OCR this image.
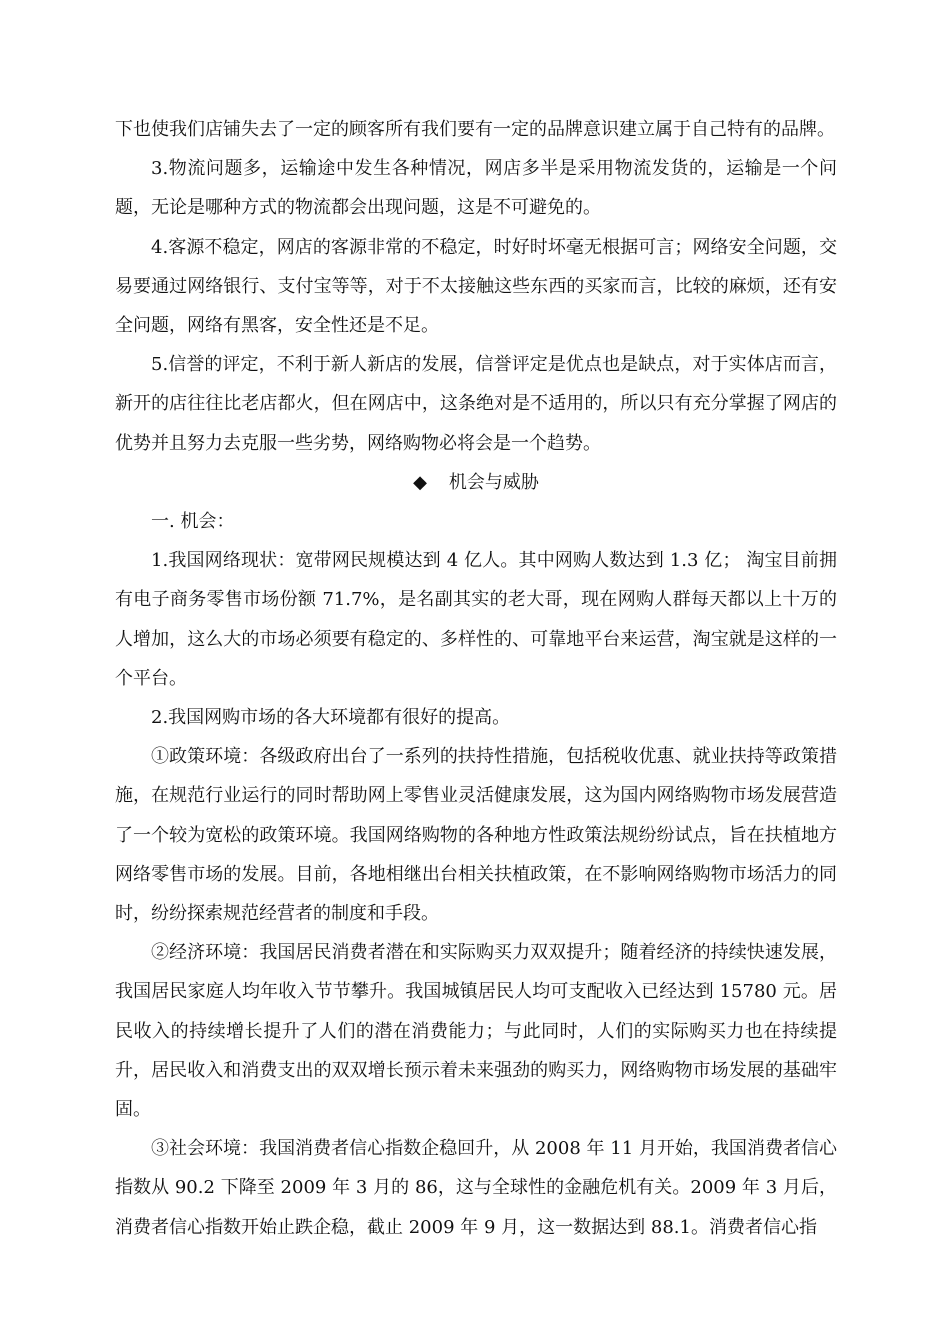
下也使我们店铺失去了一定的顾客所有我们要有一定的品牌意识建立属于自己特有的品牌。

3.物流问题多，运输途中发生各种情况，网店多半是采用物流发货的，运输是一个问题，无论是哪种方式的物流都会出现问题，这是不可避免的。

4.客源不稳定，网店的客源非常的不稳定，时好时坏毫无根据可言；网络安全问题，交易要通过网络银行、支付宝等等，对于不太接触这些东西的买家而言，比较的麻烦，还有安全问题，网络有黑客，安全性还是不足。

5.信誉的评定，不利于新人新店的发展，信誉评定是优点也是缺点，对于实体店而言，新开的店往往比老店都火，但在网店中，这条绝对是不适用的，所以只有充分掌握了网店的优势并且努力去克服一些劣势，网络购物必将会是一个趋势。

◆ 机会与威胁

一. 机会：

1.我国网络现状：宽带网民规模达到 4 亿人。其中网购人数达到 1.3 亿； 淘宝目前拥有电子商务零售市场份额 71.7%，是名副其实的老大哥，现在网购人群每天都以上十万的人增加，这么大的市场必须要有稳定的、多样性的、可靠地平台来运营，淘宝就是这样的一个平台。

2.我国网购市场的各大环境都有很好的提高。

①政策环境：各级政府出台了一系列的扶持性措施，包括税收优惠、就业扶持等政策措施，在规范行业运行的同时帮助网上零售业灵活健康发展，这为国内网络购物市场发展营造了一个较为宽松的政策环境。我国网络购物的各种地方性政策法规纷纷试点，旨在扶植地方网络零售市场的发展。目前，各地相继出台相关扶植政策，在不影响网络购物市场活力的同时，纷纷探索规范经营者的制度和手段。

②经济环境：我国居民消费者潜在和实际购买力双双提升；随着经济的持续快速发展，我国居民家庭人均年收入节节攀升。我国城镇居民人均可支配收入已经达到 15780 元。居民收入的持续增长提升了人们的潜在消费能力；与此同时，人们的实际购买力也在持续提升，居民收入和消费支出的双双增长预示着未来强劲的购买力，网络购物市场发展的基础牢固。

③社会环境：我国消费者信心指数企稳回升，从 2008 年 11 月开始，我国消费者信心指数从 90.2 下降至 2009 年 3 月的 86，这与全球性的金融危机有关。2009 年 3 月后，消费者信心指数开始止跌企稳，截止 2009 年 9 月，这一数据达到 88.1。消费者信心指
